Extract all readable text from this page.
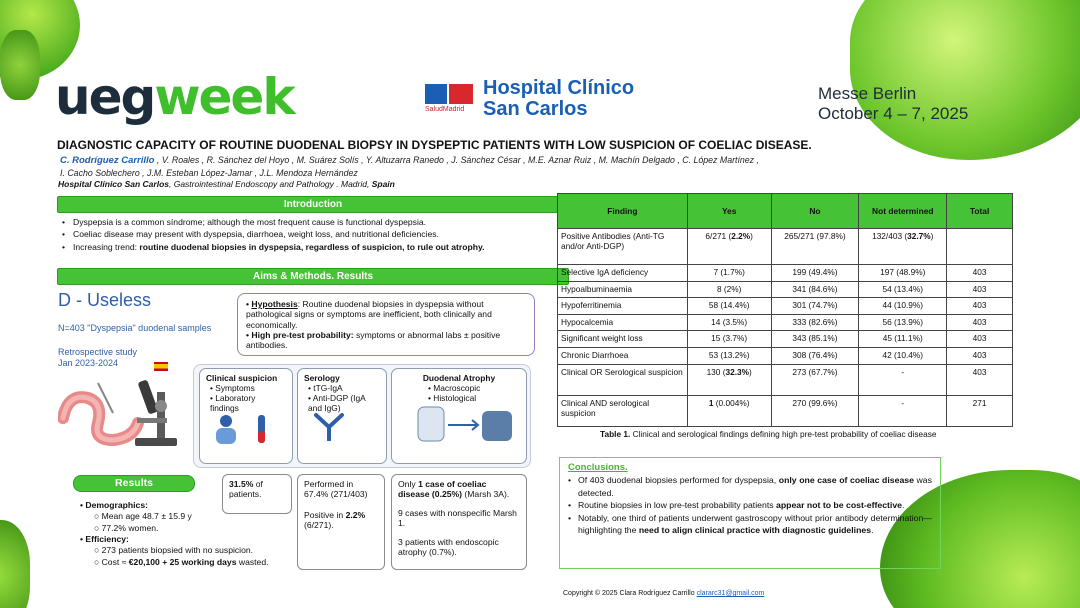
uegweek	SaludMadrid
Hospital Clínico
San Carlos
Messe Berlin
October 4 – 7, 2025
DIAGNOSTIC CAPACITY OF ROUTINE DUODENAL BIOPSY IN DYSPEPTIC PATIENTS WITH LOW SUSPICION OF COELIAC DISEASE.
C. Rodríguez Carrillo , V. Roales , R. Sánchez del Hoyo , M. Suárez Solís , Y. Altuzarra Ranedo , J. Sánchez César , M.E. Aznar Ruiz , M. Machín Delgado , C. López Martínez , I. Cacho Soblechero , J.M. Esteban López-Jamar , J.L. Mendoza Hernández
Hospital Clínico San Carlos, Gastrointestinal Endoscopy and Pathology . Madrid, Spain
Introduction
• Dyspepsia is a common síndrome; although the most frequent cause is functional dyspepsia.
• Coeliac disease may present with dyspepsia, diarrhoea, weight loss, and nutritional deficiencies.
• Increasing trend: routine duodenal biopsies in dyspepsia, regardless of suspicion, to rule out atrophy.
Aims & Methods. Results
D - Useless
N=403 "Dyspepsia" duodenal samples
Retrospective study
Jan 2023-2024
• Hypothesis: Routine duodenal biopsies in dyspepsia without pathological signs or symptoms are inefficient, both clinically and economically.
• High pre-test probability: symptoms or abnormal labs ± positive antibodies.
Clinical suspicion
• Symptoms
• Laboratory findings
Serology
• tTG-IgA
• Anti-DGP (IgA and IgG)
Duodenal Atrophy
• Macroscopic
• Histological
Results
• Demographics:
○ Mean age 48.7 ± 15.9 y
○ 77.2% women.
• Efficiency:
○ 273 patients biopsied with no suspicion.
○ Cost ≈ €20,100 + 25 working days wasted.
31.5% of patients.
Performed in 67.4% (271/403)
Positive in 2.2% (6/271).
Only 1 case of coeliac disease (0.25%) (Marsh 3A).
9 cases with nonspecific Marsh 1.
3 patients with endoscopic atrophy (0.7%).
Finding	Yes	No	Not determined	Total
Positive Antibodies (Anti-TG and/or Anti-DGP)	6/271 (2.2%)	265/271 (97.8%)	132/403 (32.7%)	
Selective IgA deficiency	7 (1.7%)	199 (49.4%)	197 (48.9%)	403
Hypoalbuminaemia	8 (2%)	341 (84.6%)	54 (13.4%)	403
Hypoferritinemia	58 (14.4%)	301 (74.7%)	44 (10.9%)	403
Hypocalcemia	14 (3.5%)	333 (82.6%)	56 (13.9%)	403
Significant weight loss	15 (3.7%)	343 (85.1%)	45 (11.1%)	403
Chronic Diarrhoea	53 (13.2%)	308 (76.4%)	42 (10.4%)	403
Clinical OR Serological suspicion	130 (32.3%)	273 (67.7%)	-	403
Clinical AND serological suspicion	1 (0.004%)	270 (99.6%)	-	271
Table 1. Clinical and serological findings defining high pre-test probability of coeliac disease
Conclusions.
• Of 403 duodenal biopsies performed for dyspepsia, only one case of coeliac disease was detected.
• Routine biopsies in low pre-test probability patients appear not to be cost-effective.
• Notably, one third of patients underwent gastroscopy without prior antibody determination—highlighting the need to align clinical practice with diagnostic guidelines.
Copyright © 2025 Clara Rodríguez Carrillo clararc31@gmail.com
